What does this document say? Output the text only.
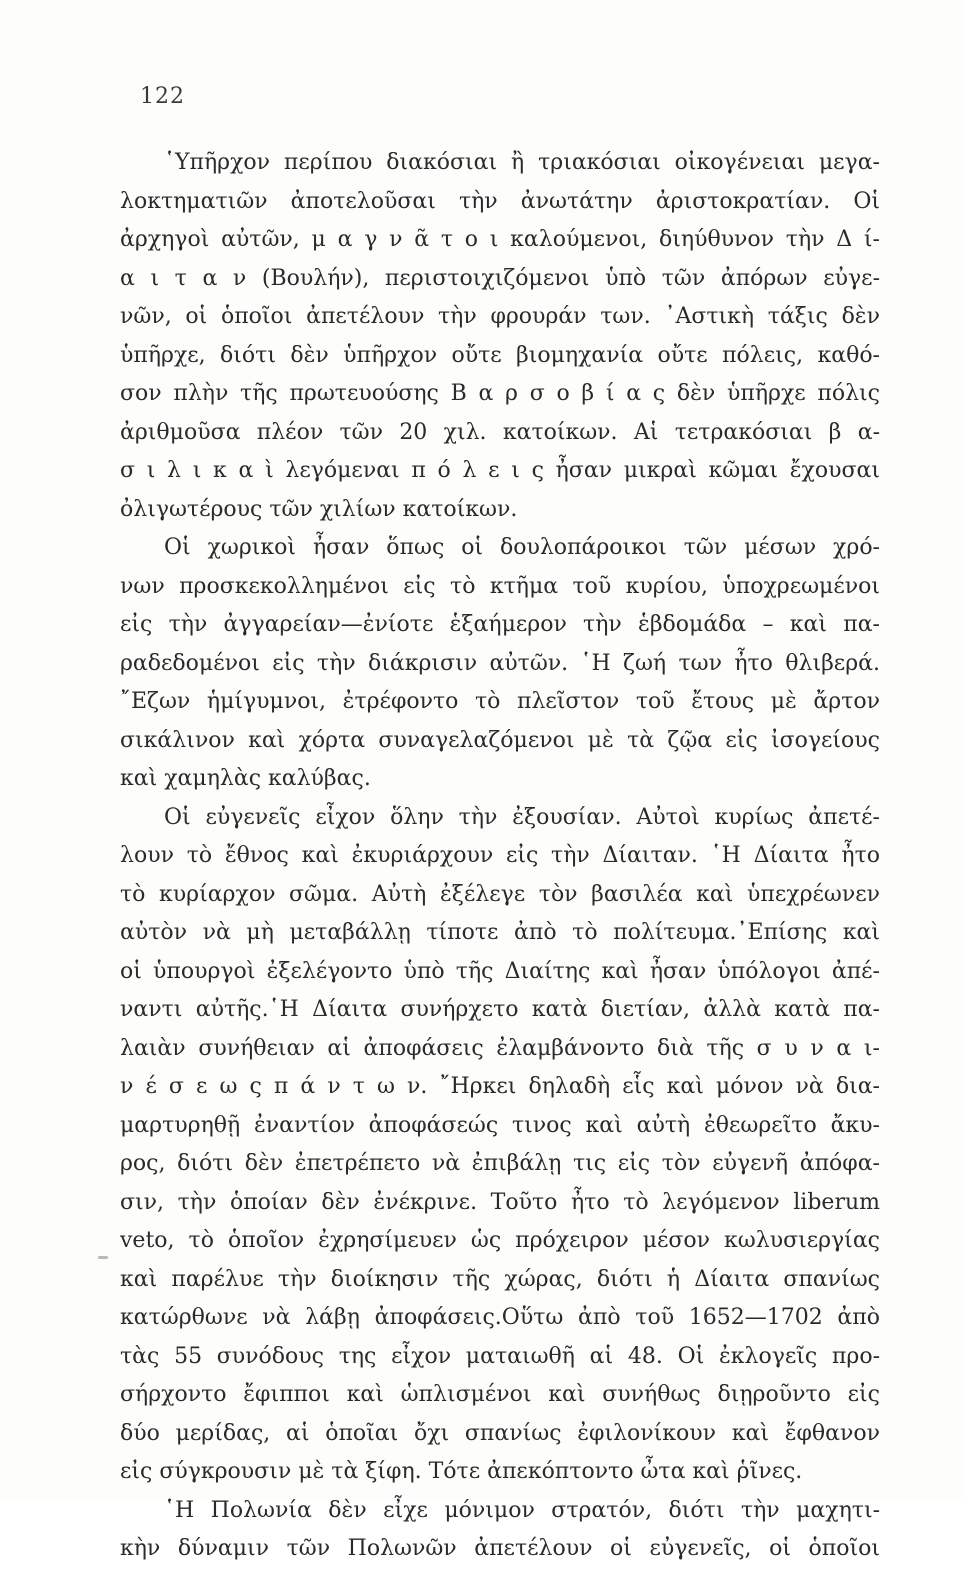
122
῾Υπῆρχον περίπου διακόσιαι ἢ τριακόσιαι οἰκογένειαι μεγα-
λοκτηματιῶν ἀποτελοῦσαι τὴν ἀνωτάτην ἀριστοκρατίαν. Οἱ
ἀρχηγοὶ αὐτῶν, μ α γ ν ᾶ τ ο ι καλούμενοι, διηύθυνον τὴν Δ ί-
α ι τ α ν (Βουλήν), περιστοιχιζόμενοι ὑπὸ τῶν ἀπόρων εὐγε-
νῶν, οἱ ὁποῖοι ἀπετέλουν τὴν φρουράν των. ᾿Αστικὴ τάξις δὲν
ὑπῆρχε, διότι δὲν ὑπῆρχον οὔτε βιομηχανία οὔτε πόλεις, καθό-
σον πλὴν τῆς πρωτευούσης Β α ρ σ ο β ί α ς δὲν ὑπῆρχε πόλις
ἀριθμοῦσα πλέον τῶν 20 χιλ. κατοίκων. Αἱ τετρακόσιαι β α-
σ ι λ ι κ α ὶ λεγόμεναι π ό λ ε ι ς ἦσαν μικραὶ κῶμαι ἔχουσαι
ὀλιγωτέρους τῶν χιλίων κατοίκων.
Οἱ χωρικοὶ ἦσαν ὅπως οἱ δουλοπάροικοι τῶν μέσων χρό-
νων προσκεκολλημένοι εἰς τὸ κτῆμα τοῦ κυρίου, ὑποχρεωμένοι
εἰς τὴν ἀγγαρείαν—ἐνίοτε ἑξαήμερον τὴν ἑβδομάδα – καὶ πα-
ραδεδομένοι εἰς τὴν διάκρισιν αὐτῶν. ῾Η ζωή των ἦτο θλιβερά.
῎Εζων ἡμίγυμνοι, ἐτρέφοντο τὸ πλεῖστον τοῦ ἔτους μὲ ἄρτον
σικάλινον καὶ χόρτα συναγελαζόμενοι μὲ τὰ ζῷα εἰς ἰσογείους
καὶ χαμηλὰς καλύβας.
Οἱ εὐγενεῖς εἶχον ὅλην τὴν ἐξουσίαν. Αὐτοὶ κυρίως ἀπετέ-
λουν τὸ ἔθνος καὶ ἐκυριάρχουν εἰς τὴν Δίαιταν. ῾Η Δίαιτα ἦτο
τὸ κυρίαρχον σῶμα. Αὐτὴ ἐξέλεγε τὸν βασιλέα καὶ ὑπεχρέωνεν
αὐτὸν νὰ μὴ μεταβάλλῃ τίποτε ἀπὸ τὸ πολίτευμα.᾿Επίσης καὶ
οἱ ὑπουργοὶ ἐξελέγοντο ὑπὸ τῆς Διαίτης καὶ ἦσαν ὑπόλογοι ἀπέ-
ναντι αὐτῆς.῾Η Δίαιτα συνήρχετο κατὰ διετίαν, ἀλλὰ κατὰ πα-
λαιὰν συνήθειαν αἱ ἀποφάσεις ἐλαμβάνοντο διὰ τῆς σ υ ν α ι-
ν έ σ ε ω ς π ά ν τ ω ν. ῎Ηρκει δηλαδὴ εἷς καὶ μόνον νὰ δια-
μαρτυρηθῇ ἐναντίον ἀποφάσεώς τινος καὶ αὐτὴ ἐθεωρεῖτο ἄκυ-
ρος, διότι δὲν ἐπετρέπετο νὰ ἐπιβάλῃ τις εἰς τὸν εὐγενῆ ἀπόφα-
σιν, τὴν ὁποίαν δὲν ἐνέκρινε. Τοῦτο ἦτο τὸ λεγόμενον liberum
veto, τὸ ὁποῖον ἐχρησίμευεν ὡς πρόχειρον μέσον κωλυσιεργίας
καὶ παρέλυε τὴν διοίκησιν τῆς χώρας, διότι ἡ Δίαιτα σπανίως
κατώρθωνε νὰ λάβῃ ἀποφάσεις.Οὕτω ἀπὸ τοῦ 1652—1702 ἀπὸ
τὰς 55 συνόδους της εἶχον ματαιωθῆ αἱ 48. Οἱ ἐκλογεῖς προ-
σήρχοντο ἔφιπποι καὶ ὡπλισμένοι καὶ συνήθως διῃροῦντο εἰς
δύο μερίδας, αἱ ὁποῖαι ὄχι σπανίως ἐφιλονίκουν καὶ ἔφθανον
εἰς σύγκρουσιν μὲ τὰ ξίφη. Τότε ἀπεκόπτοντο ὦτα καὶ ῥῖνες.
῾Η Πολωνία δὲν εἶχε μόνιμον στρατόν, διότι τὴν μαχητι-
κὴν δύναμιν τῶν Πολωνῶν ἀπετέλουν οἱ εὐγενεῖς, οἱ ὁποῖοι
